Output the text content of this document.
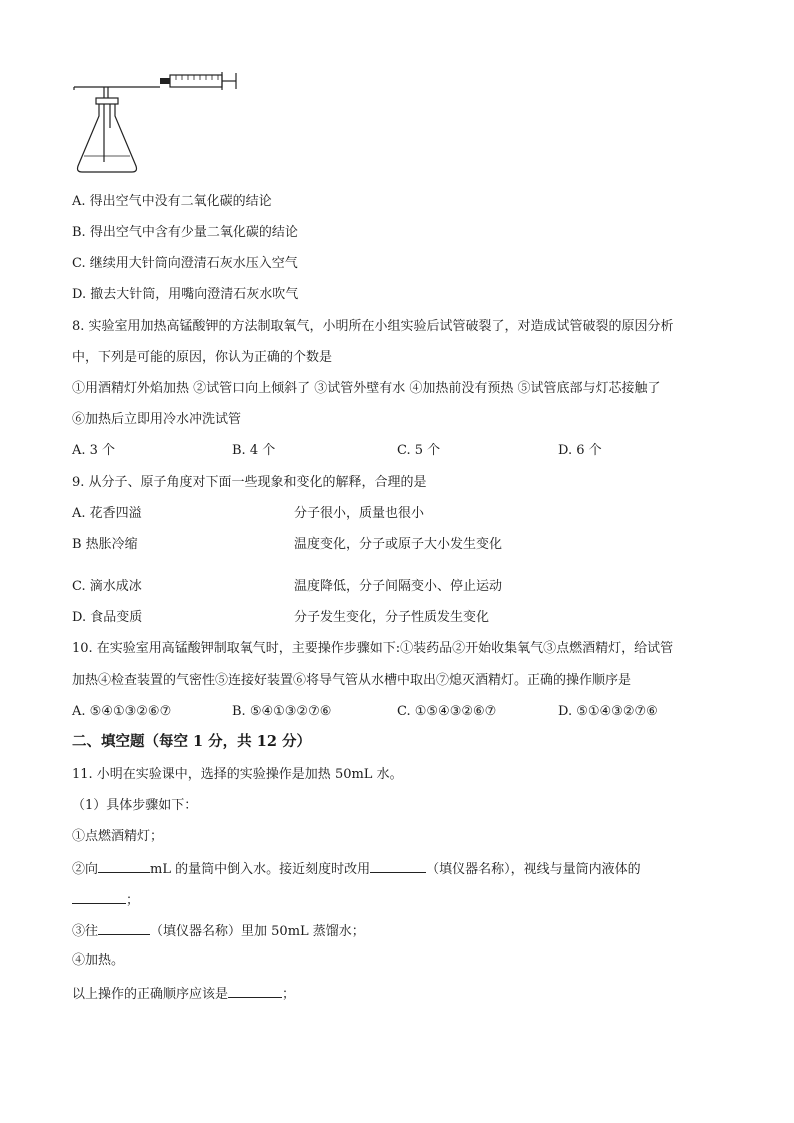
A. 得出空气中没有二氧化碳的结论
B. 得出空气中含有少量二氧化碳的结论
C. 继续用大针筒向澄清石灰水压入空气
D. 撤去大针筒，用嘴向澄清石灰水吹气
8. 实验室用加热高锰酸钾的方法制取氧气，小明所在小组实验后试管破裂了，对造成试管破裂的原因分析
中，下列是可能的原因，你认为正确的个数是
①用酒精灯外焰加热 ②试管口向上倾斜了 ③试管外壁有水 ④加热前没有预热 ⑤试管底部与灯芯接触了
⑥加热后立即用冷水冲洗试管
A. 3 个	B. 4 个	C. 5 个	D. 6 个
9. 从分子、原子角度对下面一些现象和变化的解释，合理的是
A. 花香四溢	分子很小，质量也很小
B 热胀冷缩	温度变化，分子或原子大小发生变化
C. 滴水成冰	温度降低，分子间隔变小、停止运动
D. 食品变质	分子发生变化，分子性质发生变化
10. 在实验室用高锰酸钾制取氧气时，主要操作步骤如下:①装药品②开始收集氧气③点燃酒精灯，给试管
加热④检查装置的气密性⑤连接好装置⑥将导气管从水槽中取出⑦熄灭酒精灯。正确的操作顺序是
A. ⑤④①③②⑥⑦	B. ⑤④①③②⑦⑥	C. ①⑤④③②⑥⑦	D. ⑤①④③②⑦⑥
二、填空题（每空 1 分，共 12 分）
11. 小明在实验课中，选择的实验操作是加热 50mL 水。
（1）具体步骤如下：
①点燃酒精灯；
②向	mL 的量筒中倒入水。接近刻度时改用	（填仪器名称），视线与量筒内液体的
；
③往	（填仪器名称）里加 50mL 蒸馏水；
④加热。
以上操作的正确顺序应该是	；
